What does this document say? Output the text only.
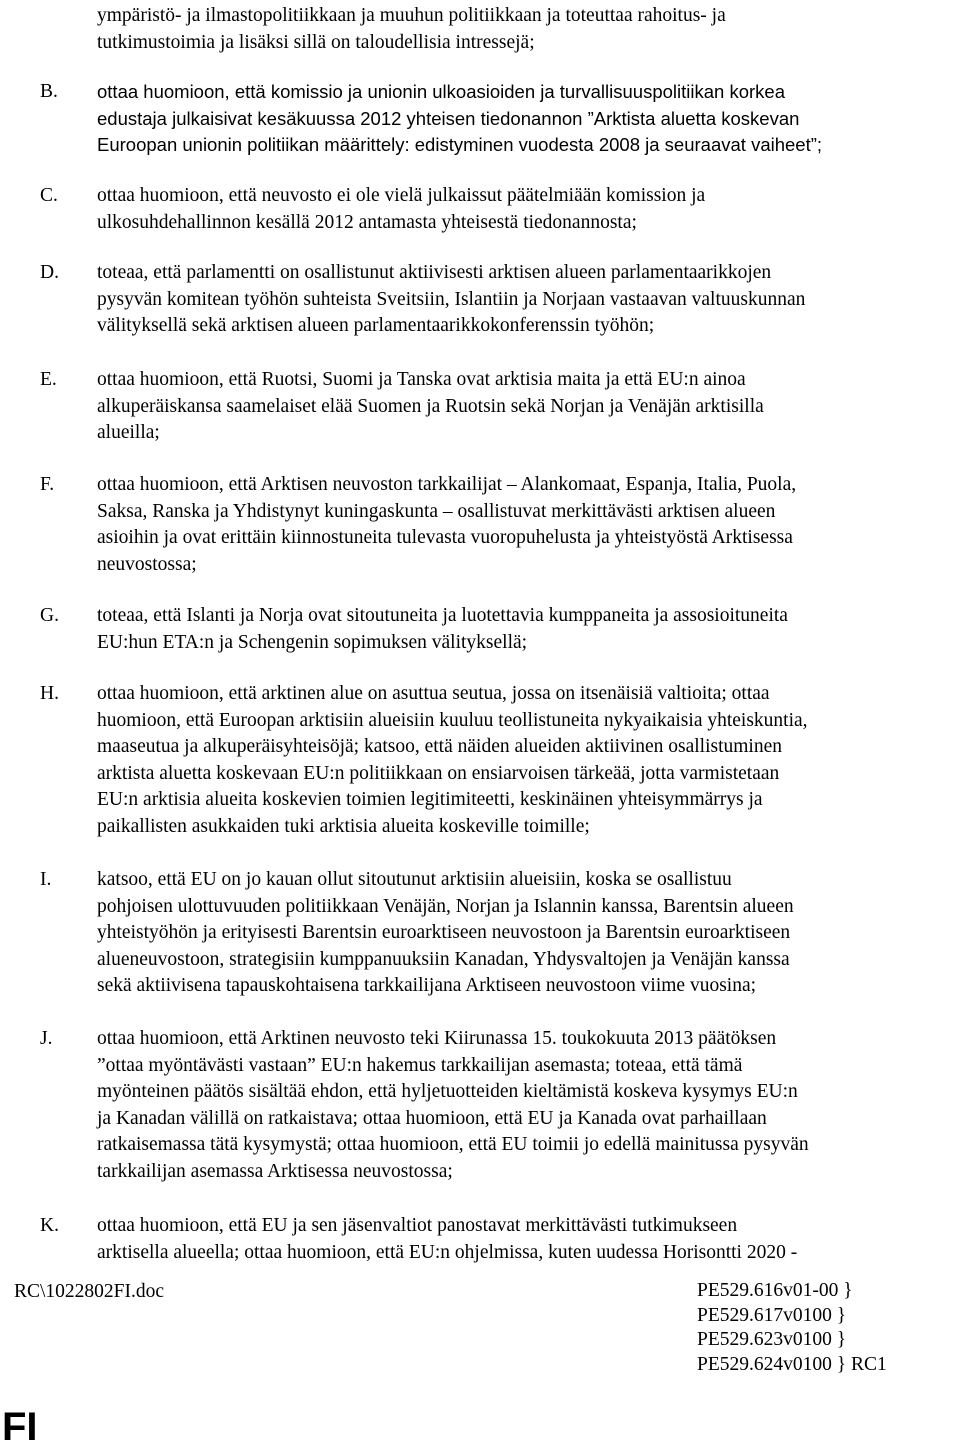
ympäristö- ja ilmastopolitiikkaan ja muuhun politiikkaan ja toteuttaa rahoitus- ja
tutkimustoimia ja lisäksi sillä on taloudellisia intressejä;
B. ottaa huomioon, että komissio ja unionin ulkoasioiden ja turvallisuuspolitiikan korkea
edustaja julkaisivat kesäkuussa 2012 yhteisen tiedonannon ”Arktista aluetta koskevan
Euroopan unionin politiikan määrittely: edistyminen vuodesta 2008 ja seuraavat vaiheet”;
C. ottaa huomioon, että neuvosto ei ole vielä julkaissut päätelmiään komission ja
ulkosuhdehallinnon kesällä 2012 antamasta yhteisestä tiedonannosta;
D. toteaa, että parlamentti on osallistunut aktiivisesti arktisen alueen parlamentaarikkojen
pysyvän komitean työhön suhteista Sveitsiin, Islantiin ja Norjaan vastaavan valtuuskunnan
välityksellä sekä arktisen alueen parlamentaarikkokonferenssin työhön;
E. ottaa huomioon, että Ruotsi, Suomi ja Tanska ovat arktisia maita ja että EU:n ainoa
alkuperäiskansa saamelaiset elää Suomen ja Ruotsin sekä Norjan ja Venäjän arktisilla
alueilla;
F. ottaa huomioon, että Arktisen neuvoston tarkkailijat – Alankomaat, Espanja, Italia, Puola,
Saksa, Ranska ja Yhdistynyt kuningaskunta – osallistuvat merkittävästi arktisen alueen
asioihin ja ovat erittäin kiinnostuneita tulevasta vuoropuhelusta ja yhteistyöstä Arktisessa
neuvostossa;
G. toteaa, että Islanti ja Norja ovat sitoutuneita ja luotettavia kumppaneita ja assosioituneita
EU:hun ETA:n ja Schengenin sopimuksen välityksellä;
H. ottaa huomioon, että arktinen alue on asuttua seutua, jossa on itsenäisiä valtioita; ottaa
huomioon, että Euroopan arktisiin alueisiin kuuluu teollistuneita nykyaikaisia yhteiskuntia,
maaseutua ja alkuperäisyhteisöjä; katsoo, että näiden alueiden aktiivinen osallistuminen
arktista aluetta koskevaan EU:n politiikkaan on ensiarvoisen tärkeää, jotta varmistetaan
EU:n arktisia alueita koskevien toimien legitimiteetti, keskinäinen yhteisymmärrys ja
paikallisten asukkaiden tuki arktisia alueita koskeville toimille;
I. katsoo, että EU on jo kauan ollut sitoutunut arktisiin alueisiin, koska se osallistuu
pohjoisen ulottuvuuden politiikkaan Venäjän, Norjan ja Islannin kanssa, Barentsin alueen
yhteistyöhön ja erityisesti Barentsin euroarktiseen neuvostoon ja Barentsin euroarktiseen
alueneuvostoon, strategisiin kumppanuuksiin Kanadan, Yhdysvaltojen ja Venäjän kanssa
sekä aktiivisena tapauskohtaisena tarkkailijana Arktiseen neuvostoon viime vuosina;
J. ottaa huomioon, että Arktinen neuvosto teki Kiirunassa 15. toukokuuta 2013 päätöksen
”ottaa myöntävästi vastaan” EU:n hakemus tarkkailijan asemasta; toteaa, että tämä
myönteinen päätös sisältää ehdon, että hyljetuotteiden kieltämistä koskeva kysymys EU:n
ja Kanadan välillä on ratkaistava; ottaa huomioon, että EU ja Kanada ovat parhaillaan
ratkaisemassa tätä kysymystä; ottaa huomioon, että EU toimii jo edellä mainitussa pysyvän
tarkkailijan asemassa Arktisessa neuvostossa;
K. ottaa huomioon, että EU ja sen jäsenvaltiot panostavat merkittävästi tutkimukseen
arktisella alueella; ottaa huomioon, että EU:n ohjelmissa, kuten uudessa Horisontti 2020 -
RC\1022802FI.doc	PE529.616v01-00 }
PE529.617v0100 }
PE529.623v0100 }
PE529.624v0100 } RC1
FI
